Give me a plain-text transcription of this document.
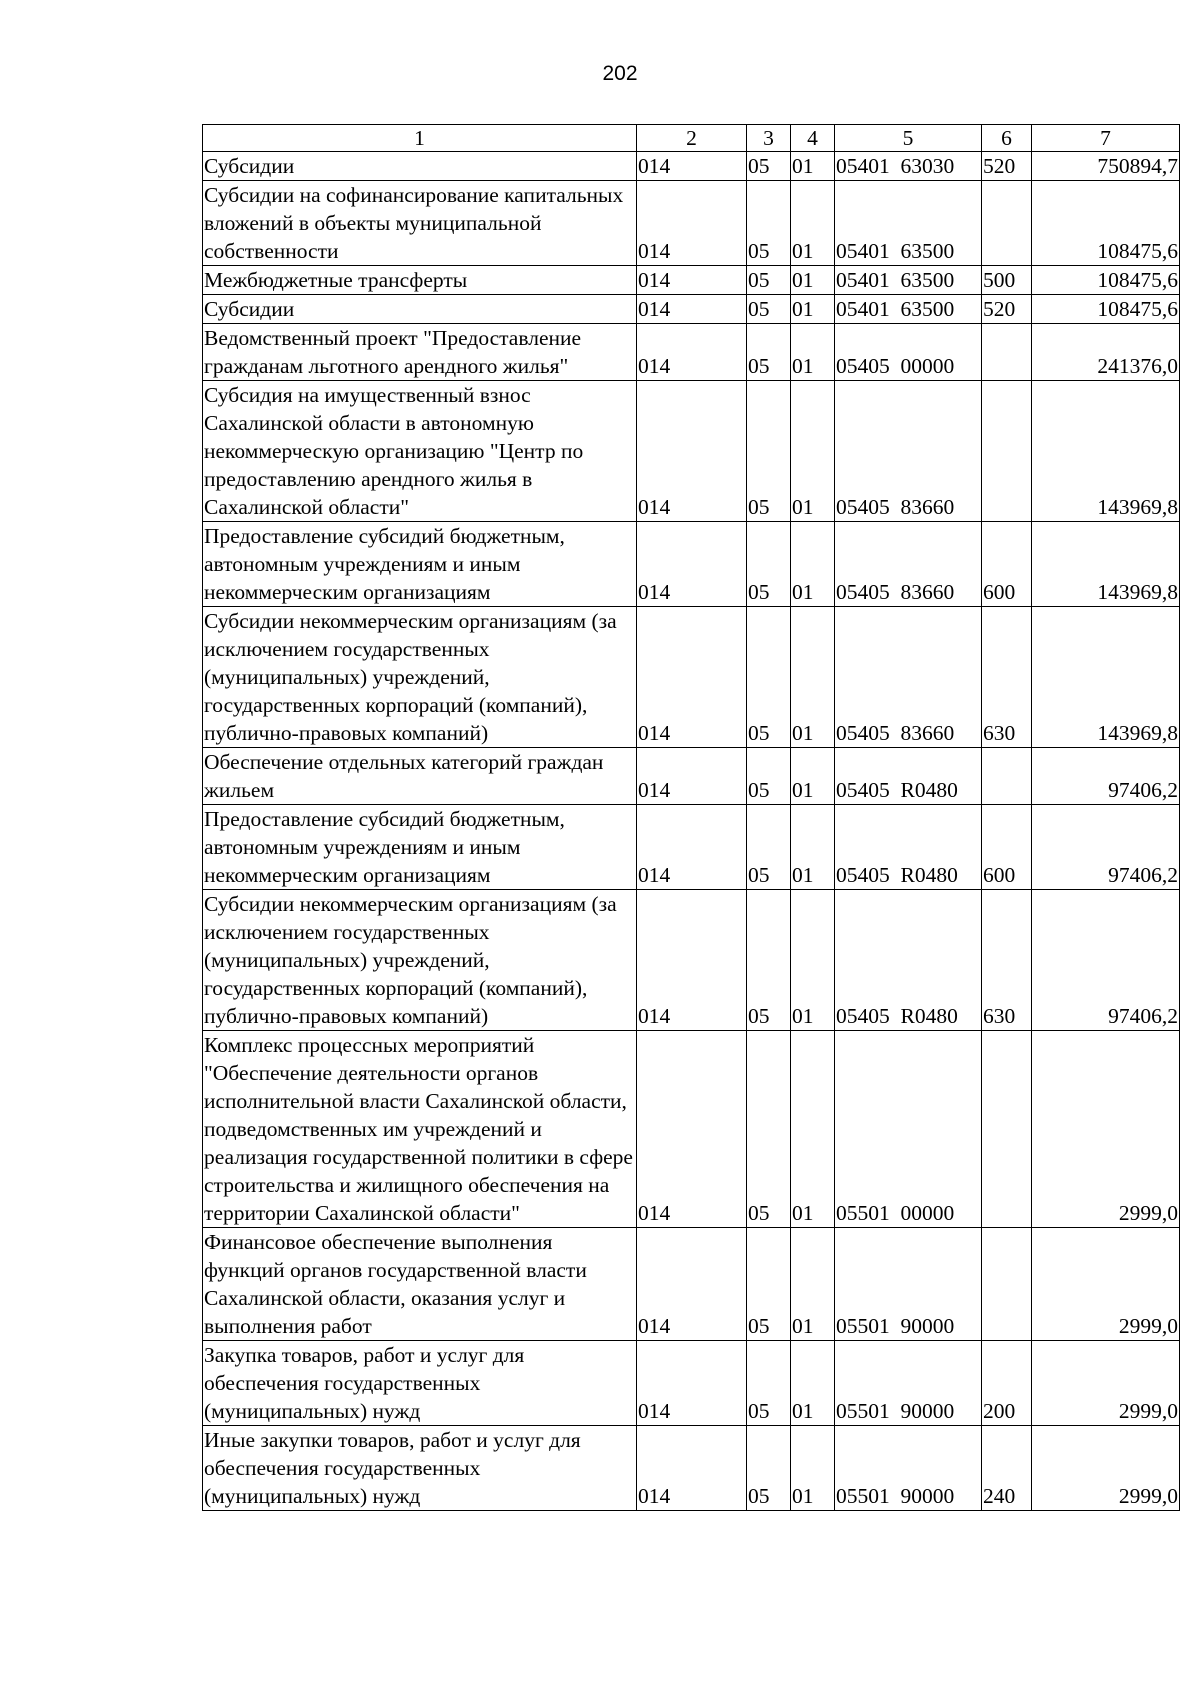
202
1	2	3	4	5	6	7
Субсидии	014	05	01	05401  63030	520	750894,7
Субсидии на софинансирование капитальных вложений в объекты муниципальной собственности	014	05	01	05401  63500		108475,6
Межбюджетные трансферты	014	05	01	05401  63500	500	108475,6
Субсидии	014	05	01	05401  63500	520	108475,6
Ведомственный проект "Предоставление гражданам льготного арендного жилья"	014	05	01	05405  00000		241376,0
Субсидия на имущественный взнос Сахалинской области в автономную некоммерческую организацию "Центр по предоставлению арендного жилья в Сахалинской области"	014	05	01	05405  83660		143969,8
Предоставление субсидий бюджетным, автономным учреждениям и иным некоммерческим организациям	014	05	01	05405  83660	600	143969,8
Субсидии некоммерческим организациям (за исключением государственных (муниципальных) учреждений, государственных корпораций (компаний), публично-правовых компаний)	014	05	01	05405  83660	630	143969,8
Обеспечение отдельных категорий граждан жильем	014	05	01	05405  R0480		97406,2
Предоставление субсидий бюджетным, автономным учреждениям и иным некоммерческим организациям	014	05	01	05405  R0480	600	97406,2
Субсидии некоммерческим организациям (за исключением государственных (муниципальных) учреждений, государственных корпораций (компаний), публично-правовых компаний)	014	05	01	05405  R0480	630	97406,2
Комплекс процессных мероприятий "Обеспечение деятельности органов исполнительной власти Сахалинской области, подведомственных им учреждений и реализация государственной политики в сфере строительства и жилищного обеспечения на территории Сахалинской области"	014	05	01	05501  00000		2999,0
Финансовое обеспечение выполнения функций органов государственной власти Сахалинской области, оказания услуг и выполнения работ	014	05	01	05501  90000		2999,0
Закупка товаров, работ и услуг для обеспечения государственных (муниципальных) нужд	014	05	01	05501  90000	200	2999,0
Иные закупки товаров, работ и услуг для обеспечения государственных (муниципальных) нужд	014	05	01	05501  90000	240	2999,0
